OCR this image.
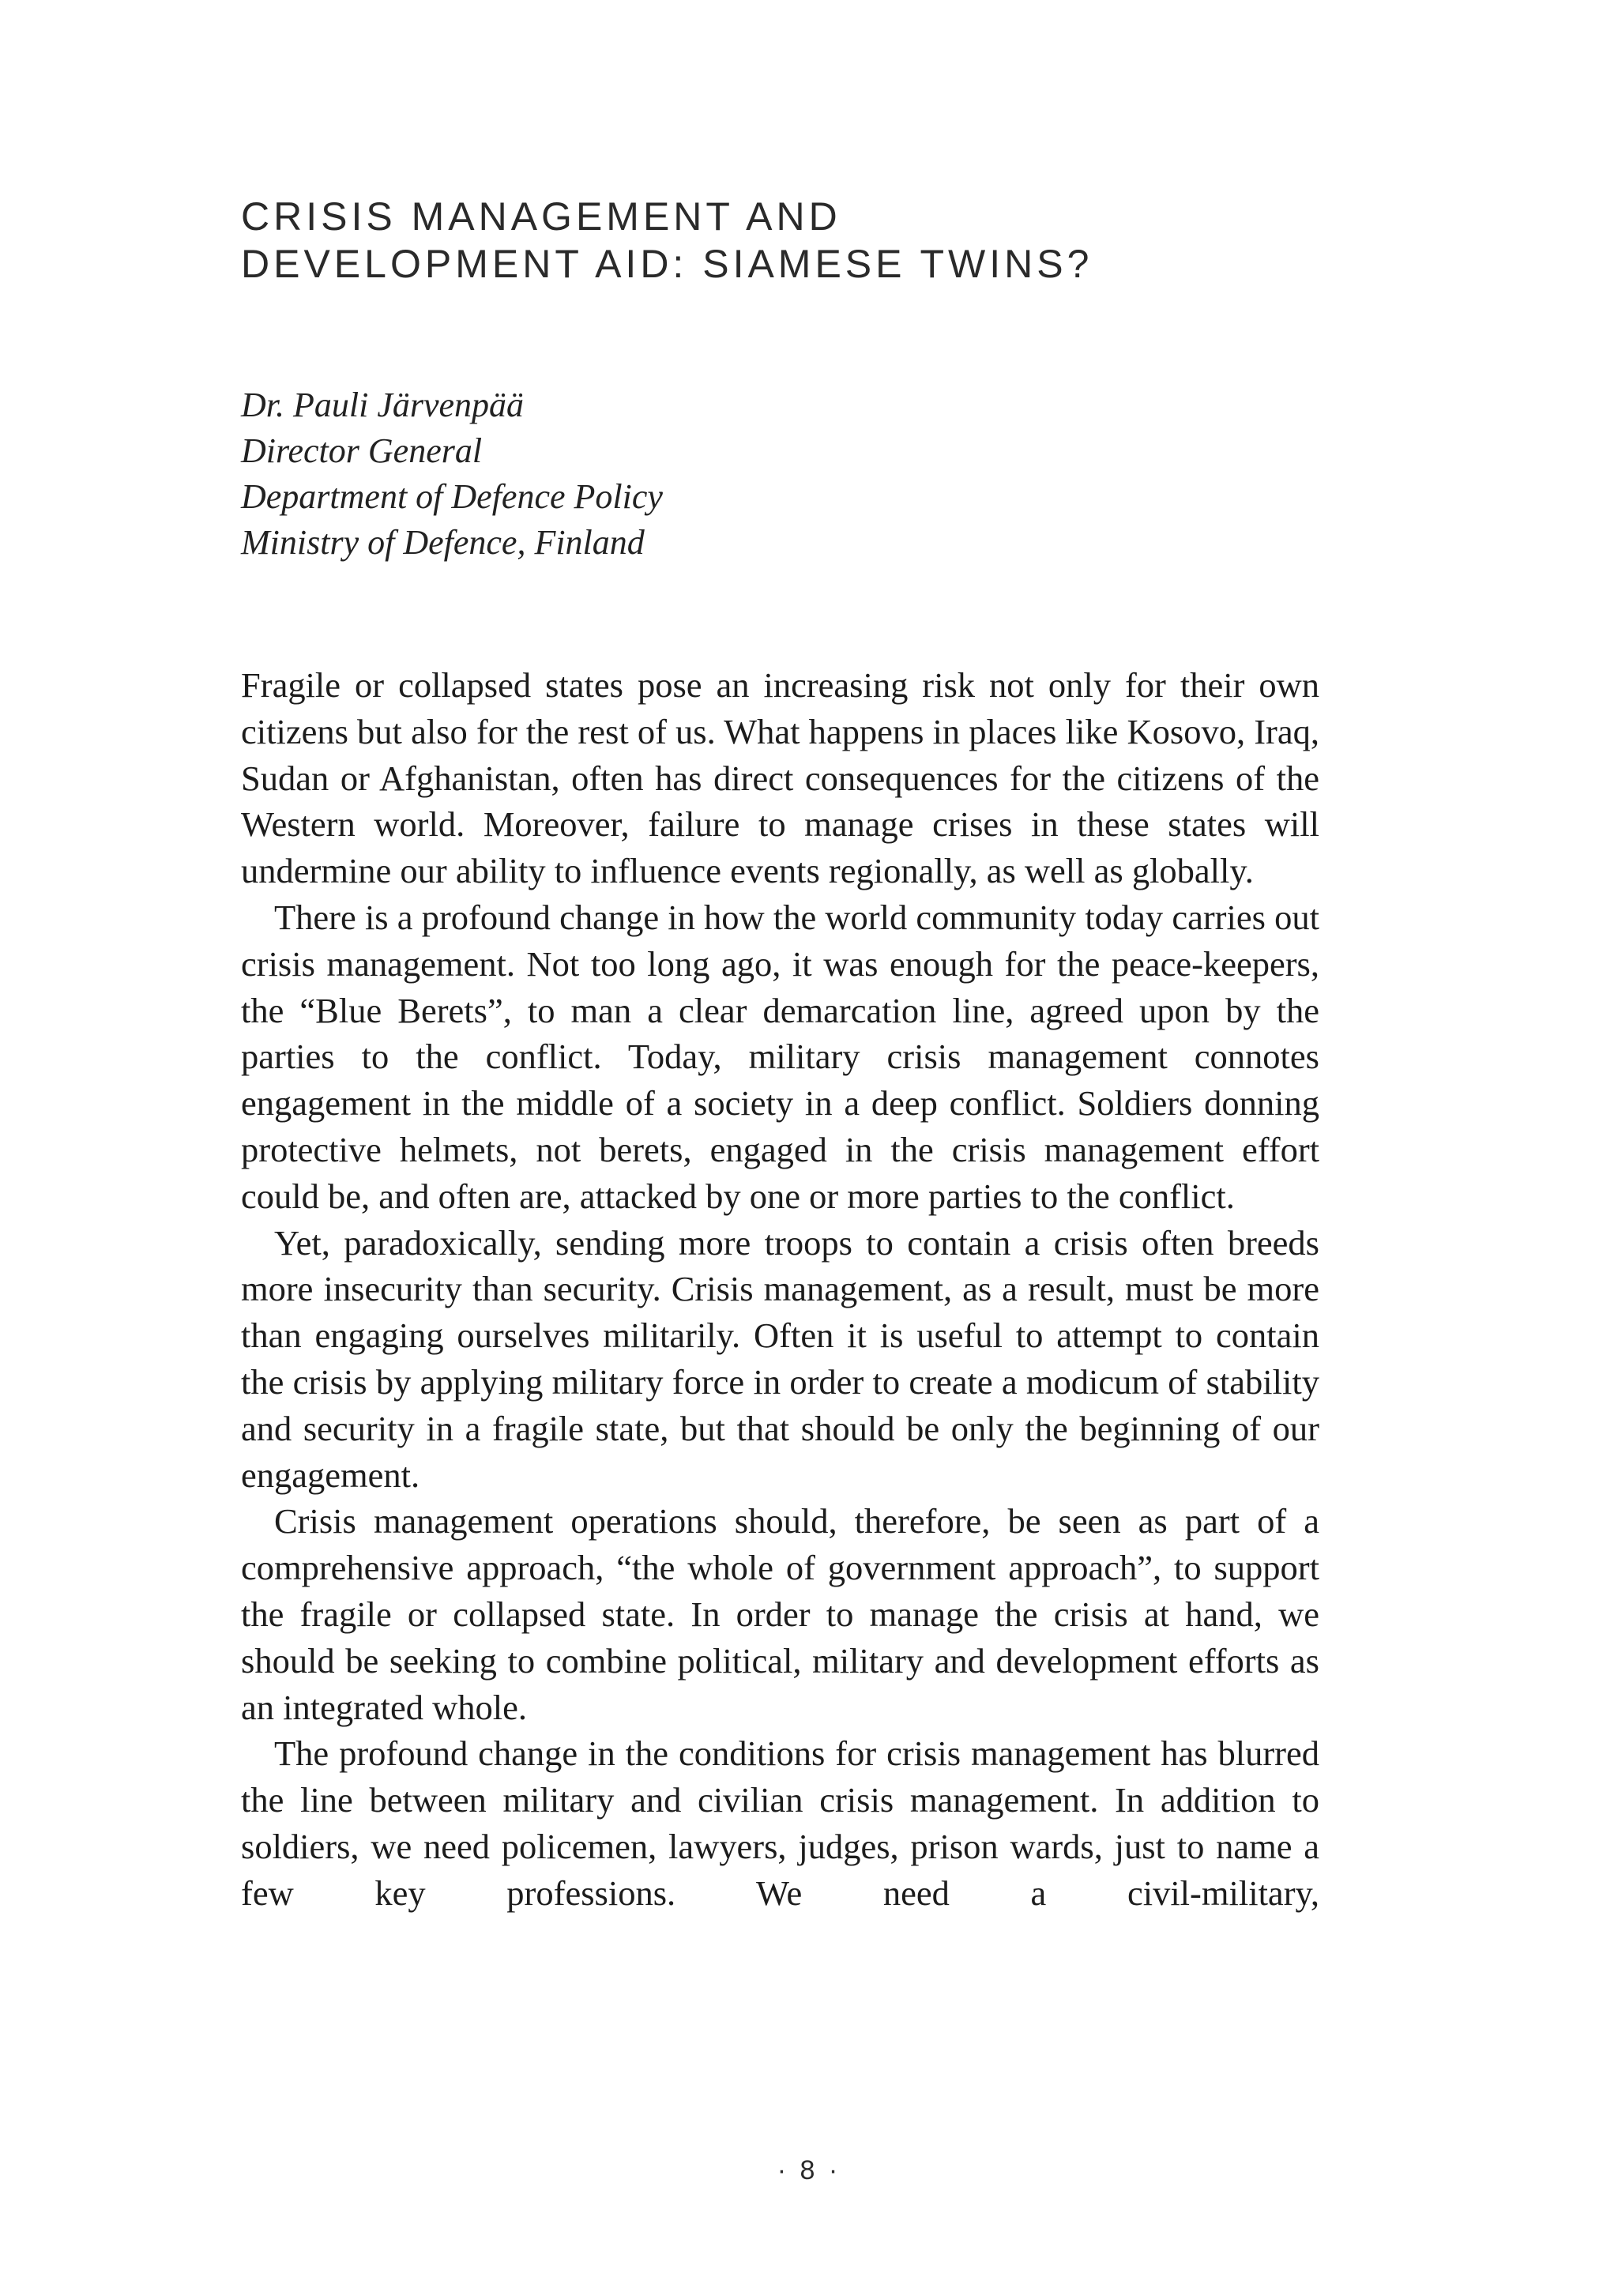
CRISIS MANAGEMENT AND
DEVELOPMENT AID: SIAMESE TWINS?
Dr. Pauli Järvenpää
Director General
Department of Defence Policy
Ministry of Defence, Finland

Fragile or collapsed states pose an increasing risk not only for their own citizens but also for the rest of us. What happens in places like Kosovo, Iraq, Sudan or Afghanistan, often has direct consequences for the citizens of the Western world. Moreover, failure to manage crises in these states will undermine our ability to influence events regionally, as well as globally.

There is a profound change in how the world community today carries out crisis management. Not too long ago, it was enough for the peace-keepers, the “Blue Berets”, to man a clear demarcation line, agreed upon by the parties to the conflict. Today, military crisis management connotes engagement in the middle of a society in a deep conflict. Soldiers donning protective helmets, not berets, engaged in the crisis management effort could be, and often are, attacked by one or more parties to the conflict.

Yet, paradoxically, sending more troops to contain a crisis often breeds more insecurity than security. Crisis management, as a result, must be more than engaging ourselves militarily. Often it is useful to attempt to contain the crisis by applying military force in order to create a modicum of stability and security in a fragile state, but that should be only the beginning of our engagement.

Crisis management operations should, therefore, be seen as part of a comprehensive approach, “the whole of government approach”, to support the fragile or collapsed state. In order to manage the crisis at hand, we should be seeking to combine political, military and development efforts as an integrated whole.

The profound change in the conditions for crisis management has blurred the line between military and civilian crisis management. In addition to soldiers, we need policemen, lawyers, judges, prison wards, just to name a few key professions. We need a civil-military,

· 8 ·
